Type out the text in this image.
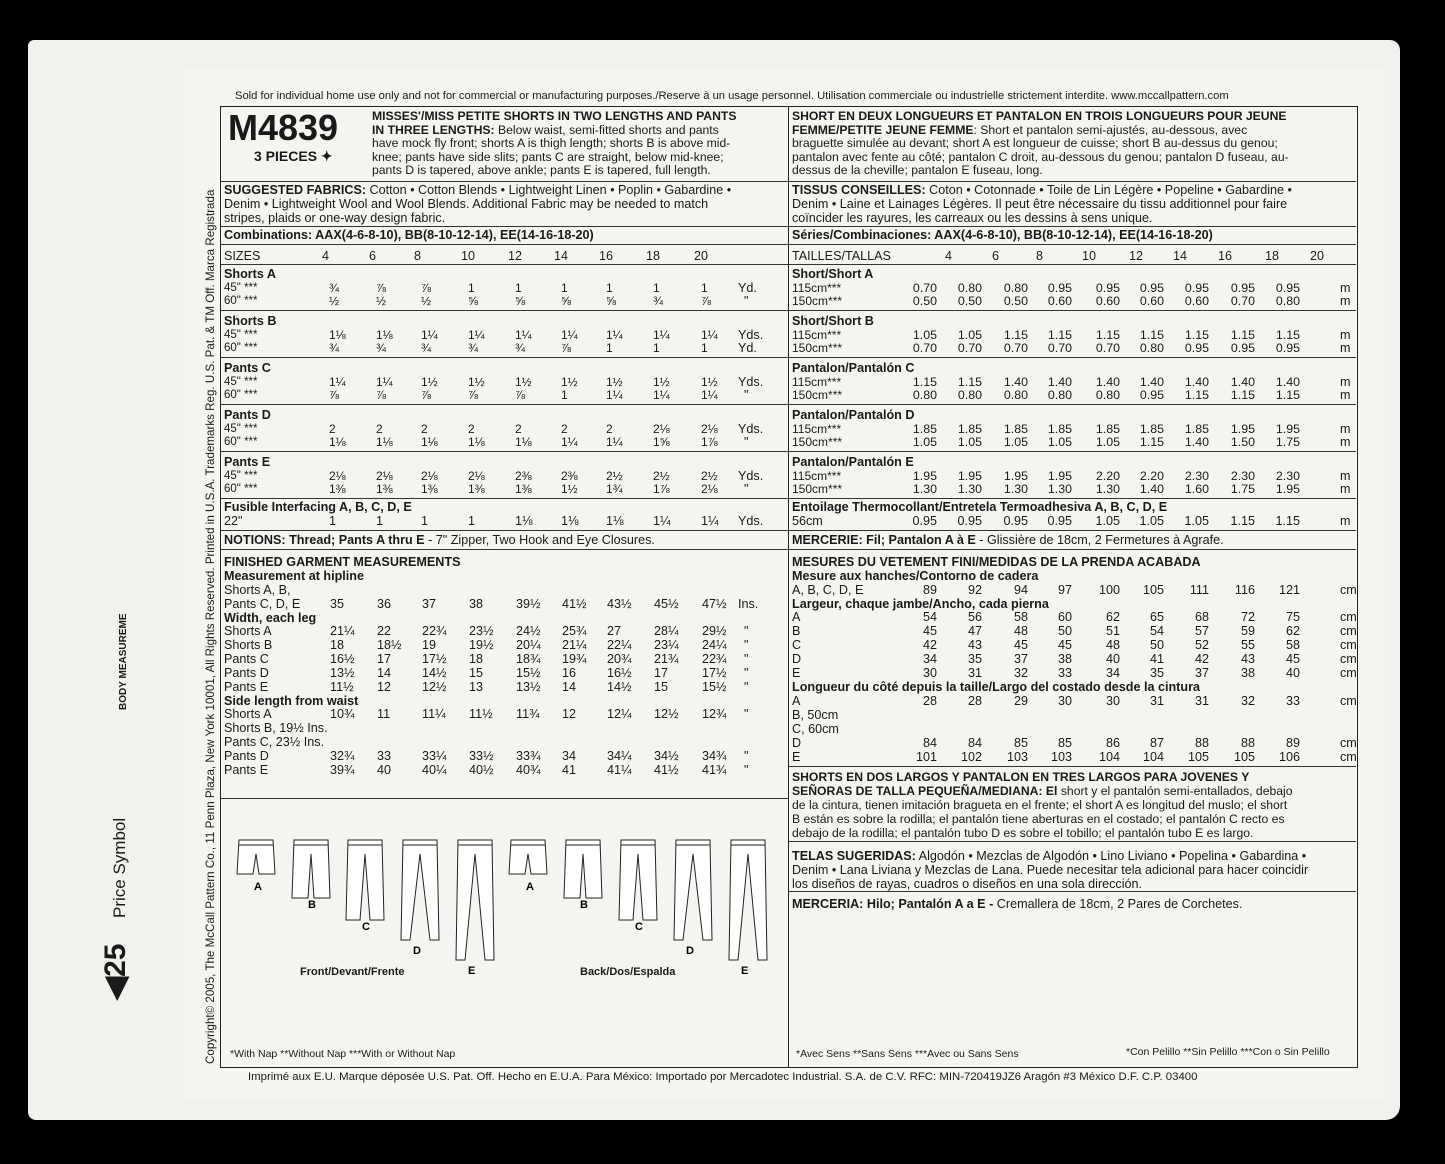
Sold for individual home use only and not for commercial or manufacturing purposes./Reserve à un usage personnel. Utilisation commerciale ou industrielle strictement interdite. www.mccallpattern.com
Imprimé aux E.U. Marque déposée U.S. Pat. Off. Hecho en E.U.A. Para México: Importado por Mercadotec Industrial. S.A. de C.V. RFC: MIN-720419JZ6 Aragón #3 México D.F. C.P. 03400
Copyright© 2005, The McCall Pattern Co., 11 Penn Plaza, New York 10001, All Rights Reserved. Printed in U.S.A. Trademarks Reg. U.S. Pat. & TM Off. Marca Registrada
Price Symbol
◀25
BODY MEASUREME
M4839
3 PIECES ✦
MISSES'/MISS PETITE SHORTS IN TWO LENGTHS AND PANTS
IN THREE LENGTHS: Below waist, semi-fitted shorts and pants
have mock fly front; shorts A is thigh length; shorts B is above mid-
knee; pants have side slits; pants C are straight, below mid-knee;
pants D is tapered, above ankle; pants E is tapered, full length.
SUGGESTED FABRICS: Cotton • Cotton Blends • Lightweight Linen • Poplin • Gabardine •
Denim • Lightweight Wool and Wool Blends. Additional Fabric may be needed to match
stripes, plaids or one-way design fabric.
Combinations: AAX(4-6-8-10), BB(8-10-12-14), EE(14-16-18-20)
SIZES	4	6	8	10	12	14 16	18	20
Shorts A
45" ***	¾	⅞	⅞	1	1	1	1	1	1 Yd.
60" ***	½	½	½	⅝	⅝	⅝	⅝	¾	⅞	"
Shorts B
45" ***	1⅛	1⅛ 1¼	1¼	1¼ 1¼ 1¼	1¼	1¼ Yds.
60" ***	¾	¾	¾	¾	¾	⅞	1	1	1 Yd.
Pants C
45" ***	1¼	1¼ 1½	1½	1½ 1½ 1½	1½	1½ Yds.
60" ***	⅞	⅞	⅞	⅞	⅞	1	1¼	1¼	1¼ "
Pants D
45" ***	2	2	2	2	2	2	2	2⅛	2⅛ Yds.
60" ***	1⅛	1⅛ 1⅛	1⅛	1⅛ 1¼ 1¼	1⅝	1⅞ "
Pants E
45" ***	2⅛	2⅛ 2⅛	2⅛	2⅜ 2⅜ 2½	2½	2½ Yds.
60" ***	1⅜	1⅜ 1⅜	1⅜	1⅜ 1½ 1¾	1⅞	2⅛ "
Fusible Interfacing A, B, C, D, E
22"	1	1	1	1	1⅛ 1⅛ 1⅛ 1¼ 1¼ Yds.
NOTIONS: Thread; Pants A thru E - 7" Zipper, Two Hook and Eye Closures.
FINISHED GARMENT MEASUREMENTS
Measurement at hipline
Shorts A, B,
Pants C, D, E 35	36 37	38	39½ 41½ 43½ 45½ 47½ Ins.
Width, each leg
Shorts A	21¼ 22 22¾ 23½ 24½ 25¾ 27	28¼ 29½ "
Shorts B	18	18½ 19	19½ 20¼ 21¼ 22¼ 23¼ 24¼ "
Pants C	16½ 17 17½ 18	18¾ 19¾ 20¾ 21¾ 22¾ "
Pants D	13½ 14 14½ 15	15½ 16 16½ 17	17½ "
Pants E	11½ 12 12½ 13	13½ 14 14½ 15	15½ "
Side length from waist
Shorts A	10¾ 11	11¼ 11½ 11¾ 12 12¼ 12½ 12¾ "
Shorts B, 19½ Ins.
Pants C, 23½ Ins.
Pants D	32¾ 33 33¼ 33½ 33¾ 34 34¼ 34½ 34¾ "
Pants E	39¾ 40 40¼ 40½ 40¾ 41 41¼ 41½ 41¾ "
*With Nap **Without Nap ***With or Without Nap
SHORT EN DEUX LONGUEURS ET PANTALON EN TROIS LONGUEURS POUR JEUNE
FEMME/PETITE JEUNE FEMME: Short et pantalon semi-ajustés, au-dessous, avec
braguette simulée au devant; short A est longueur de cuisse; short B au-dessus du genou;
pantalon avec fente au côté; pantalon C droit, au-dessous du genou; pantalon D fuseau, au-
dessus de la cheville; pantalon E fuseau, long.
TISSUS CONSEILLES: Coton • Cotonnade • Toile de Lin Légère • Popeline • Gabardine •
Denim • Laine et Lainages Légères. Il peut être nécessaire du tissu additionnel pour faire
coïncider les rayures, les carreaux ou les dessins à sens unique.
Séries/Combinaciones: AAX(4-6-8-10), BB(8-10-12-14), EE(14-16-18-20)
TAILLES/TALLAS	4	6	8	10	12 14 16	18 20
Short/Short A
115cm***	0.70	0.80	0.80	0.95	0.95	0.95	0.95	0.95	0.95	m
150cm***	0.50	0.50	0.50	0.60	0.60	0.60	0.60	0.70	0.80	m
Short/Short B
115cm***	1.05	1.05	1.15	1.15	1.15	1.15	1.15	1.15	1.15	m
150cm***	0.70	0.70	0.70	0.70	0.70	0.80	0.95	0.95	0.95	m
Pantalon/Pantalón C
115cm***	1.15	1.15	1.40	1.40	1.40	1.40	1.40	1.40	1.40	m
150cm***	0.80	0.80	0.80	0.80	0.80	0.95	1.15	1.15	1.15	m
Pantalon/Pantalón D
115cm***	1.85	1.85	1.85	1.85	1.85	1.85	1.85	1.95	1.95	m
150cm***	1.05	1.05	1.05	1.05	1.05	1.15	1.40	1.50	1.75	m
Pantalon/Pantalón E
115cm***	1.95	1.95	1.95	1.95	2.20	2.20	2.30	2.30	2.30	m
150cm***	1.30	1.30	1.30	1.30	1.30	1.40	1.60	1.75	1.95	m
Entoilage Thermocollant/Entretela Termoadhesiva A, B, C, D, E
56cm	0.95	0.95	0.95	0.95	1.05	1.05	1.05	1.15	1.15	m
MERCERIE: Fil; Pantalon A à E - Glissière de 18cm, 2 Fermetures à Agrafe.
MESURES DU VETEMENT FINI/MEDIDAS DE LA PRENDA ACABADA
Mesure aux hanches/Contorno de cadera
A, B, C, D, E	89	92	94	97	100	105	111	116	121	cm
Largeur, chaque jambe/Ancho, cada pierna
A	54	56	58	60	62	65	68	72	75	cm
B	45	47	48	50	51	54	57	59	62	cm
C	42	43	45	45	48	50	52	55	58	cm
D	34	35	37	38	40	41	42	43	45	cm
E	30	31	32	33	34	35	37	38	40	cm
Longueur du côté depuis la taille/Largo del costado desde la cintura
A	28	28	29	30	30	31	31	32	33	cm
B, 50cm
C, 60cm
D	84	84	85	85	86	87	88	88	89	cm
E	101	102	103	103	104	104	105	105	106	cm
SHORTS EN DOS LARGOS Y PANTALON EN TRES LARGOS PARA JOVENES Y
SEÑORAS DE TALLA PEQUEÑA/MEDIANA: El short y el pantalón semi-entallados, debajo
de la cintura, tienen imitación bragueta en el frente; el short A es longitud del muslo; el short
B están es sobre la rodilla; el pantalón tiene aberturas en el costado; el pantalón C recto es
debajo de la rodilla; el pantalón tubo D es sobre el tobillo; el pantalón tubo E es largo.
TELAS SUGERIDAS: Algodón • Mezclas de Algodón • Lino Liviano • Popelina • Gabardina •
Denim • Lana Liviana y Mezclas de Lana. Puede necesitar tela adicional para hacer coincidir
los diseños de rayas, cuadros o diseños en una sola dirección.
MERCERIA: Hilo; Pantalón A a E - Cremallera de 18cm, 2 Pares de Corchetes.
*Avec Sens **Sans Sens ***Avec ou Sans Sens	*Con Pelillo **Sin Pelillo ***Con o Sin Pelillo
A
B
C
D
E
A
B
C
D
E
Front/Devant/Frente	Back/Dos/Espalda
